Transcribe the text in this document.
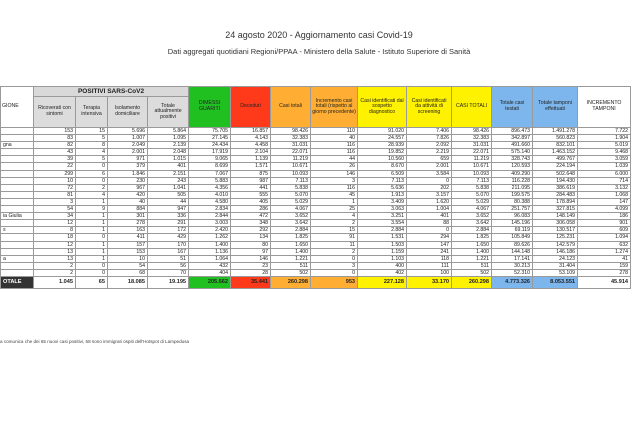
24 agosto 2020 - Aggiornamento casi Covid-19
Dati aggregati quotidiani Regioni/PPAA - Ministero della Salute - Istituto Superiore di Sanità
GIONE	POSITIVI SARS-CoV2				DIMESSI GUARITI	Deceduti	Casi totali	Incremento casi totali (rispetto al giorno precedente)	Casi identificati dal sospetto diagnostico	Casi identificati da attività di screening	CASI TOTALI	Totale casi testati	Totale tamponi effettuati	INCREMENTO TAMPONI
	Ricoverati con sintomi	Terapia intensiva	Isolamento domiciliare	Totale attualmente positivi										
	153	15	5.696	5.864	75.705	16.857	98.426	110	91.020	7.406	98.426	896.473	1.491.278	7.722
	83	5	1.007	1.095	27.145	4.143	32.383	40	24.557	7.826	32.383	342.897	560.823	1.904
gna	82	8	2.049	2.139	24.434	4.458	31.031	116	28.939	2.092	31.031	491.660	832.101	5.019
	43	4	2.001	2.048	17.919	2.104	22.071	116	19.852	2.219	22.071	575.140	1.463.152	9.468
	39	5	971	1.015	9.065	1.139	11.219	44	10.560	659	11.219	328.743	499.767	3.059
	22	0	379	401	8.699	1.571	10.671	26	8.670	2.001	10.671	120.593	224.194	1.039
	299	6	1.846	2.151	7.067	875	10.093	146	6.509	3.584	10.093	409.290	502.648	6.000
	10	0	230	243	5.883	987	7.113	3	7.113	0	7.113	116.228	194.430	714
	72	2	967	1.041	4.356	441	5.838	116	5.636	202	5.838	211.095	386.619	3.132
	81	4	420	505	4.010	555	5.070	45	1.913	3.157	5.070	199.575	284.483	1.068
	3	1	40	44	4.580	405	5.029	1	3.409	1.620	5.029	80.388	178.894	147
	54	9	884	947	2.834	286	4.067	25	3.063	1.004	4.067	251.757	327.815	4.099
ia Giulia	34	1	301	336	2.844	472	3.652	4	3.251	401	3.652	96.083	148.149	186
	12	1	278	291	3.003	348	3.642	2	3.554	88	3.642	145.196	306.058	901
s	8	1	163	172	2.420	292	2.884	15	2.884	0	2.884	69.119	130.517	609
	18	0	411	429	1.262	134	1.825	91	1.531	294	1.825	105.849	125.231	1.094
	12	1	157	170	1.400	80	1.650	11	1.503	147	1.650	89.626	142.579	632
	13	1	153	167	1.136	97	1.400	2	1.159	241	1.400	144.148	146.186	1.274
a	13	1	10	51	1.064	146	1.221	0	1.103	118	1.221	17.141	24.123	41
	2	0	54	56	432	23	511	3	400	111	511	30.213	31.404	159
	2	0	68	70	404	28	502	0	402	100	502	52.310	53.109	278
OTALE	1.045	65	18.085	19.195	205.662	35.441	260.298	953	227.128	33.170	260.298	4.773.326	8.053.551	45.914
a comunica che dei 65 nuovi casi positivi, 58 sono immigrati ospiti dell'Hotspot di Lampedusa
